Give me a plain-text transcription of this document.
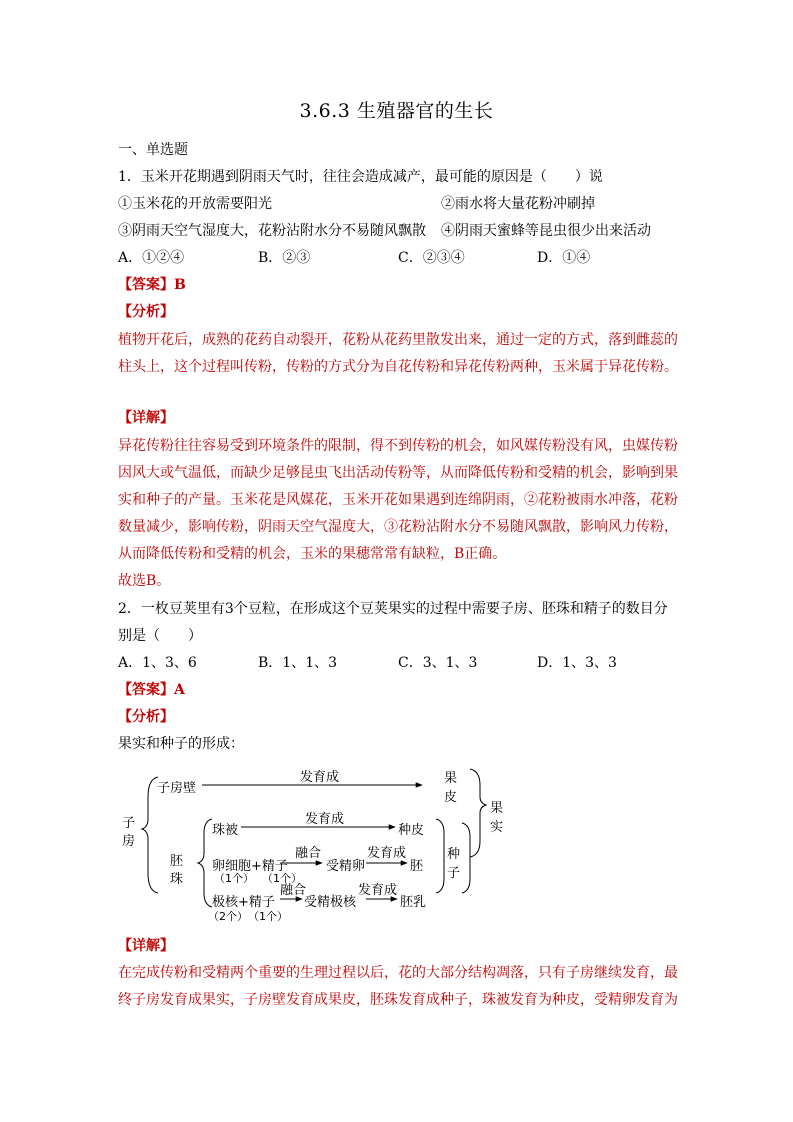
3.6.3 生殖器官的生长
一、单选题
1．玉米开花期遇到阴雨天气时，往往会造成减产，最可能的原因是（　　）说
①玉米花的开放需要阳光	②雨水将大量花粉冲刷掉
③阴雨天空气湿度大，花粉沾附水分不易随风飘散 ④阴雨天蜜蜂等昆虫很少出来活动
A．①②④	B．②③	C．②③④	D．①④
【答案】B
【分析】
植物开花后，成熟的花药自动裂开，花粉从花药里散发出来，通过一定的方式，落到雌蕊的
柱头上，这个过程叫传粉，传粉的方式分为自花传粉和异花传粉两种，玉米属于异花传粉。
【详解】
异花传粉往往容易受到环境条件的限制，得不到传粉的机会，如风媒传粉没有风，虫媒传粉
因风大或气温低，而缺少足够昆虫飞出活动传粉等，从而降低传粉和受精的机会，影响到果
实和种子的产量。玉米花是风媒花，玉米开花如果遇到连绵阴雨，②花粉被雨水冲落，花粉
数量减少，影响传粉，阴雨天空气湿度大，③花粉沾附水分不易随风飘散，影响风力传粉，
从而降低传粉和受精的机会，玉米的果穗常常有缺粒，B正确。
故选B。
2．一枚豆荚里有3个豆粒，在形成这个豆荚果实的过程中需要子房、胚珠和精子的数目分
别是（　　）
A．1、3、6	B．1、1、3	C．3、1、3	D．1、3、3
【答案】A
【分析】
果实和种子的形成：
子
房
子房壁
发育成	果
皮
果
实
珠被
发育成
种皮
胚
珠
种
子
卵细胞+精子
（1个） （1个）
融合
受精卵
发育成
胚
极核+精子
（2个） （1个）
融合
受精极核
发育成
胚乳
【详解】
在完成传粉和受精两个重要的生理过程以后，花的大部分结构凋落，只有子房继续发育，最
终子房发育成果实，子房壁发育成果皮，胚珠发育成种子，珠被发育为种皮，受精卵发育为
